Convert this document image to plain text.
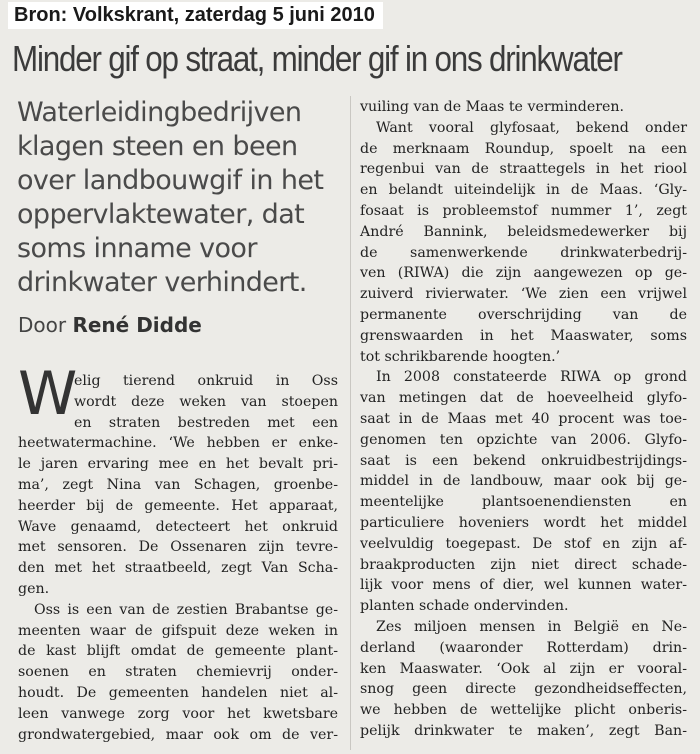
Bron: Volkskrant, zaterdag 5 juni 2010
Minder gif op straat, minder gif in ons drinkwater
Waterleidingbedrijven
klagen steen en been
over landbouwgif in het
oppervlaktewater, dat
soms inname voor
drinkwater verhindert.
Door René Didde
W
elig tierend onkruid in Oss
wordt deze weken van stoepen
en straten bestreden met een
heetwatermachine. ‘We hebben er enke-
le jaren ervaring mee en het bevalt pri-
ma’, zegt Nina van Schagen, groenbe-
heerder bij de gemeente. Het apparaat,
Wave genaamd, detecteert het onkruid
met sensoren. De Ossenaren zijn tevre-
den met het straatbeeld, zegt Van Scha-
gen.
Oss is een van de zestien Brabantse ge-
meenten waar de gifspuit deze weken in
de kast blijft omdat de gemeente plant-
soenen en straten chemievrij onder-
houdt. De gemeenten handelen niet al-
leen vanwege zorg voor het kwetsbare
grondwatergebied, maar ook om de ver-
vuiling van de Maas te verminderen.
Want vooral glyfosaat, bekend onder
de merknaam Roundup, spoelt na een
regenbui van de straattegels in het riool
en belandt uiteindelijk in de Maas. ‘Gly-
fosaat is probleemstof nummer 1’, zegt
André Bannink, beleidsmedewerker bij
de samenwerkende drinkwaterbedrij-
ven (RIWA) die zijn aangewezen op ge-
zuiverd rivierwater. ‘We zien een vrijwel
permanente overschrijding van de
grenswaarden in het Maaswater, soms
tot schrikbarende hoogten.’
In 2008 constateerde RIWA op grond
van metingen dat de hoeveelheid glyfo-
saat in de Maas met 40 procent was toe-
genomen ten opzichte van 2006. Glyfo-
saat is een bekend onkruidbestrijdings-
middel in de landbouw, maar ook bij ge-
meentelijke plantsoenendiensten en
particuliere hoveniers wordt het middel
veelvuldig toegepast. De stof en zijn af-
braakproducten zijn niet direct schade-
lijk voor mens of dier, wel kunnen water-
planten schade ondervinden.
Zes miljoen mensen in België en Ne-
derland (waaronder Rotterdam) drin-
ken Maaswater. ‘Ook al zijn er vooral-
snog geen directe gezondheidseffecten,
we hebben de wettelijke plicht onberis-
pelijk drinkwater te maken’, zegt Ban-
